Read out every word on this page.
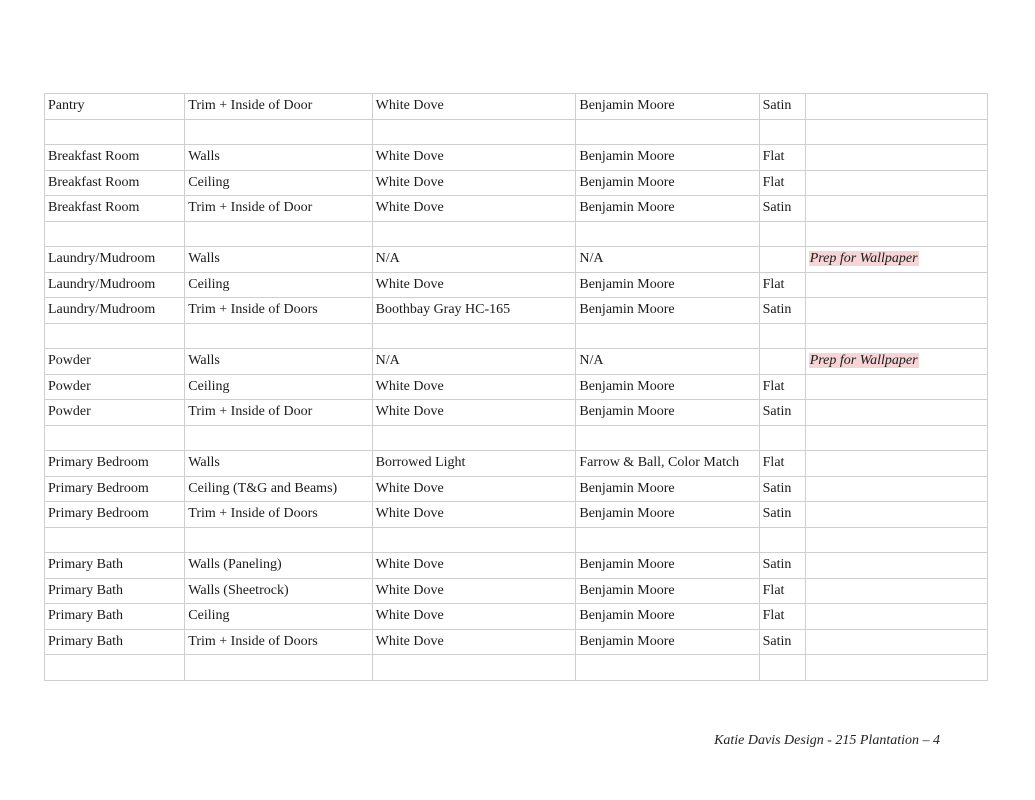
Pantry	Trim + Inside of Door	White Dove	Benjamin Moore	Satin	

Breakfast Room	Walls	White Dove	Benjamin Moore	Flat	
Breakfast Room	Ceiling	White Dove	Benjamin Moore	Flat	
Breakfast Room	Trim + Inside of Door	White Dove	Benjamin Moore	Satin	

Laundry/Mudroom	Walls	N/A	N/A		Prep for Wallpaper
Laundry/Mudroom	Ceiling	White Dove	Benjamin Moore	Flat	
Laundry/Mudroom	Trim + Inside of Doors	Boothbay Gray HC-165	Benjamin Moore	Satin	

Powder	Walls	N/A	N/A		Prep for Wallpaper
Powder	Ceiling	White Dove	Benjamin Moore	Flat	
Powder	Trim + Inside of Door	White Dove	Benjamin Moore	Satin	

Primary Bedroom	Walls	Borrowed Light	Farrow & Ball, Color Match	Flat	
Primary Bedroom	Ceiling (T&G and Beams)	White Dove	Benjamin Moore	Satin	
Primary Bedroom	Trim + Inside of Doors	White Dove	Benjamin Moore	Satin	

Primary Bath	Walls (Paneling)	White Dove	Benjamin Moore	Satin	
Primary Bath	Walls (Sheetrock)	White Dove	Benjamin Moore	Flat	
Primary Bath	Ceiling	White Dove	Benjamin Moore	Flat	
Primary Bath	Trim + Inside of Doors	White Dove	Benjamin Moore	Satin	

Katie Davis Design - 215 Plantation – 4
